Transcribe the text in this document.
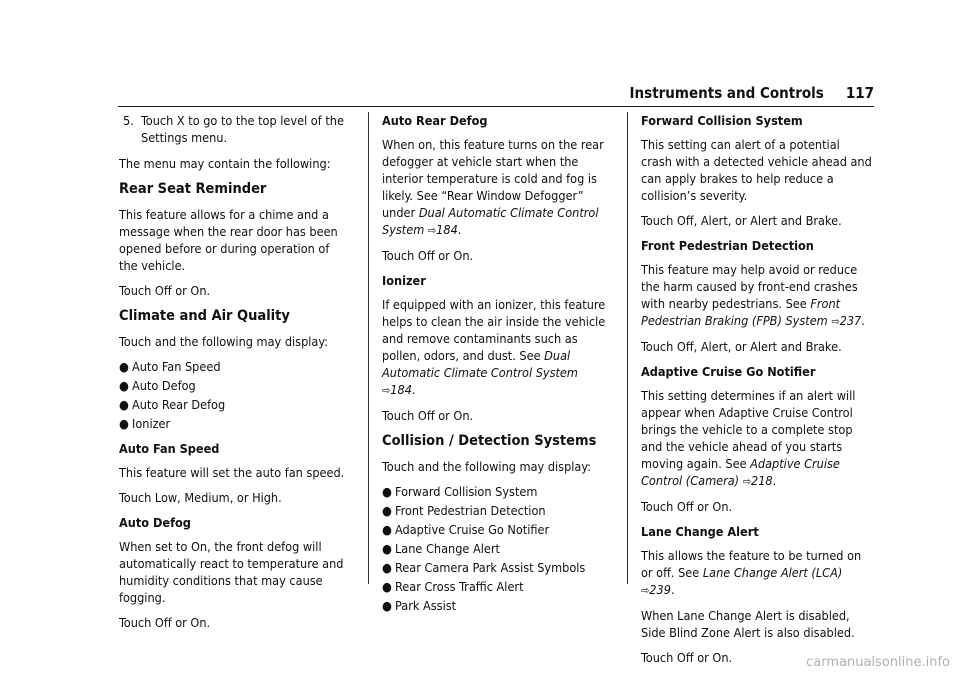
Instruments and Controls 117
5. Touch X to go to the top level of the Settings menu.

The menu may contain the following:

Rear Seat Reminder

This feature allows for a chime and a message when the rear door has been opened before or during operation of the vehicle.

Touch Off or On.

Climate and Air Quality

Touch and the following may display:

● Auto Fan Speed
● Auto Defog
● Auto Rear Defog
● Ionizer

Auto Fan Speed

This feature will set the auto fan speed.

Touch Low, Medium, or High.

Auto Defog

When set to On, the front defog will automatically react to temperature and humidity conditions that may cause fogging.

Touch Off or On.

Auto Rear Defog

When on, this feature turns on the rear defogger at vehicle start when the interior temperature is cold and fog is likely. See “Rear Window Defogger” under Dual Automatic Climate Control System ⇨184.

Touch Off or On.

Ionizer

If equipped with an ionizer, this feature helps to clean the air inside the vehicle and remove contaminants such as pollen, odors, and dust. See Dual Automatic Climate Control System ⇨184.

Touch Off or On.

Collision / Detection Systems

Touch and the following may display:

● Forward Collision System
● Front Pedestrian Detection
● Adaptive Cruise Go Notifier
● Lane Change Alert
● Rear Camera Park Assist Symbols
● Rear Cross Traffic Alert
● Park Assist

Forward Collision System

This setting can alert of a potential crash with a detected vehicle ahead and can apply brakes to help reduce a collision’s severity.

Touch Off, Alert, or Alert and Brake.

Front Pedestrian Detection

This feature may help avoid or reduce the harm caused by front-end crashes with nearby pedestrians. See Front Pedestrian Braking (FPB) System ⇨237.

Touch Off, Alert, or Alert and Brake.

Adaptive Cruise Go Notifier

This setting determines if an alert will appear when Adaptive Cruise Control brings the vehicle to a complete stop and the vehicle ahead of you starts moving again. See Adaptive Cruise Control (Camera) ⇨218.

Touch Off or On.

Lane Change Alert

This allows the feature to be turned on or off. See Lane Change Alert (LCA) ⇨239.

When Lane Change Alert is disabled, Side Blind Zone Alert is also disabled.

Touch Off or On.	carmanualsonline.info
